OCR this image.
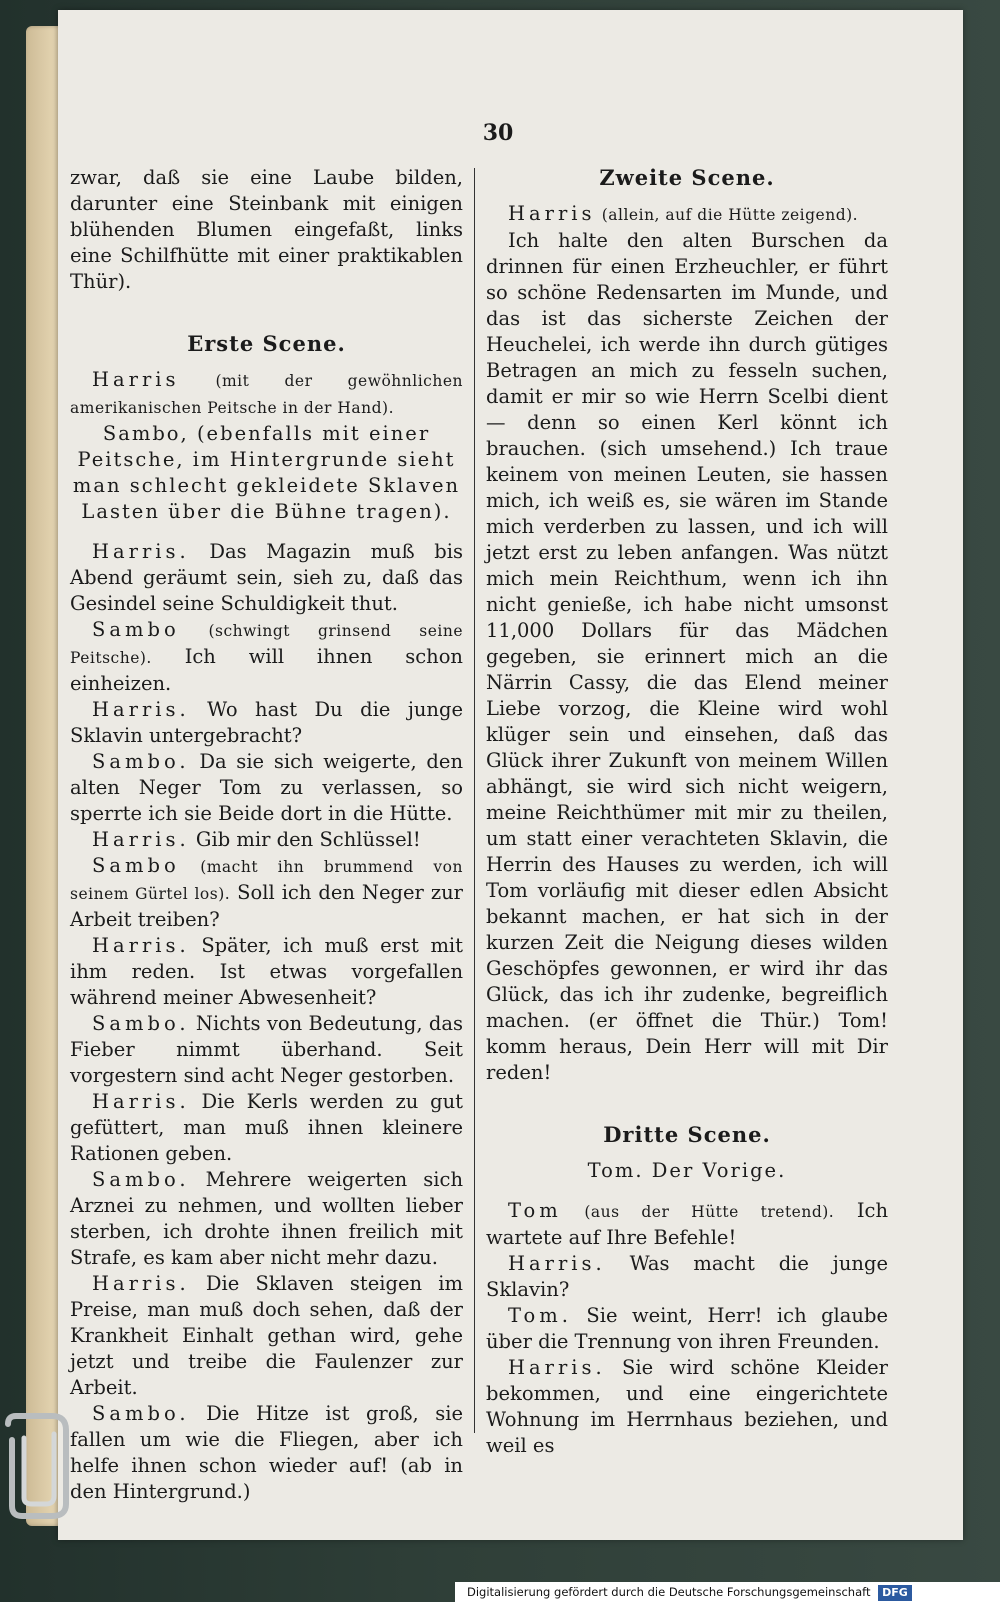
30

zwar, daß sie eine Laube bilden, darunter eine Steinbank mit einigen blühenden Blumen eingefaßt, links eine Schilfhütte mit einer praktikablen Thür).

Erste Scene.

Harris (mit der gewöhnlichen amerikanischen Peitsche in der Hand).

Sambo, (ebenfalls mit einer Peitsche, im Hintergrunde sieht man schlecht gekleidete Sklaven Lasten über die Bühne tragen).

Harris. Das Magazin muß bis Abend geräumt sein, sieh zu, daß das Gesindel seine Schuldigkeit thut.

Sambo (schwingt grinsend seine Peitsche). Ich will ihnen schon einheizen.

Harris. Wo hast Du die junge Sklavin untergebracht?

Sambo. Da sie sich weigerte, den alten Neger Tom zu verlassen, so sperrte ich sie Beide dort in die Hütte.

Harris. Gib mir den Schlüssel!

Sambo (macht ihn brummend von seinem Gürtel los). Soll ich den Neger zur Arbeit treiben?

Harris. Später, ich muß erst mit ihm reden. Ist etwas vorgefallen während meiner Abwesenheit?

Sambo. Nichts von Bedeutung, das Fieber nimmt überhand. Seit vorgestern sind acht Neger gestorben.

Harris. Die Kerls werden zu gut gefüttert, man muß ihnen kleinere Rationen geben.

Sambo. Mehrere weigerten sich Arznei zu nehmen, und wollten lieber sterben, ich drohte ihnen freilich mit Strafe, es kam aber nicht mehr dazu.

Harris. Die Sklaven steigen im Preise, man muß doch sehen, daß der Krankheit Einhalt gethan wird, gehe jetzt und treibe die Faulenzer zur Arbeit.

Sambo. Die Hitze ist groß, sie fallen um wie die Fliegen, aber ich helfe ihnen schon wieder auf! (ab in den Hintergrund.)

Zweite Scene.

Harris (allein, auf die Hütte zeigend).

Ich halte den alten Burschen da drinnen für einen Erzheuchler, er führt so schöne Redensarten im Munde, und das ist das sicherste Zeichen der Heuchelei, ich werde ihn durch gütiges Betragen an mich zu fesseln suchen, damit er mir so wie Herrn Scelbi dient — denn so einen Kerl könnt ich brauchen. (sich umsehend.) Ich traue keinem von meinen Leuten, sie hassen mich, ich weiß es, sie wären im Stande mich verderben zu lassen, und ich will jetzt erst zu leben anfangen. Was nützt mich mein Reichthum, wenn ich ihn nicht genieße, ich habe nicht umsonst 11,000 Dollars für das Mädchen gegeben, sie erinnert mich an die Närrin Cassy, die das Elend meiner Liebe vorzog, die Kleine wird wohl klüger sein und einsehen, daß das Glück ihrer Zukunft von meinem Willen abhängt, sie wird sich nicht weigern, meine Reichthümer mit mir zu theilen, um statt einer verachteten Sklavin, die Herrin des Hauses zu werden, ich will Tom vorläufig mit dieser edlen Absicht bekannt machen, er hat sich in der kurzen Zeit die Neigung dieses wilden Geschöpfes gewonnen, er wird ihr das Glück, das ich ihr zudenke, begreiflich machen. (er öffnet die Thür.) Tom! komm heraus, Dein Herr will mit Dir reden!

Dritte Scene.

Tom. Der Vorige.

Tom (aus der Hütte tretend). Ich wartete auf Ihre Befehle!

Harris. Was macht die junge Sklavin?

Tom. Sie weint, Herr! ich glaube über die Trennung von ihren Freunden.

Harris. Sie wird schöne Kleider bekommen, und eine eingerichtete Wohnung im Herrnhaus beziehen, und weil es

Digitalisierung gefördert durch die Deutsche Forschungsgemeinschaft DFG
